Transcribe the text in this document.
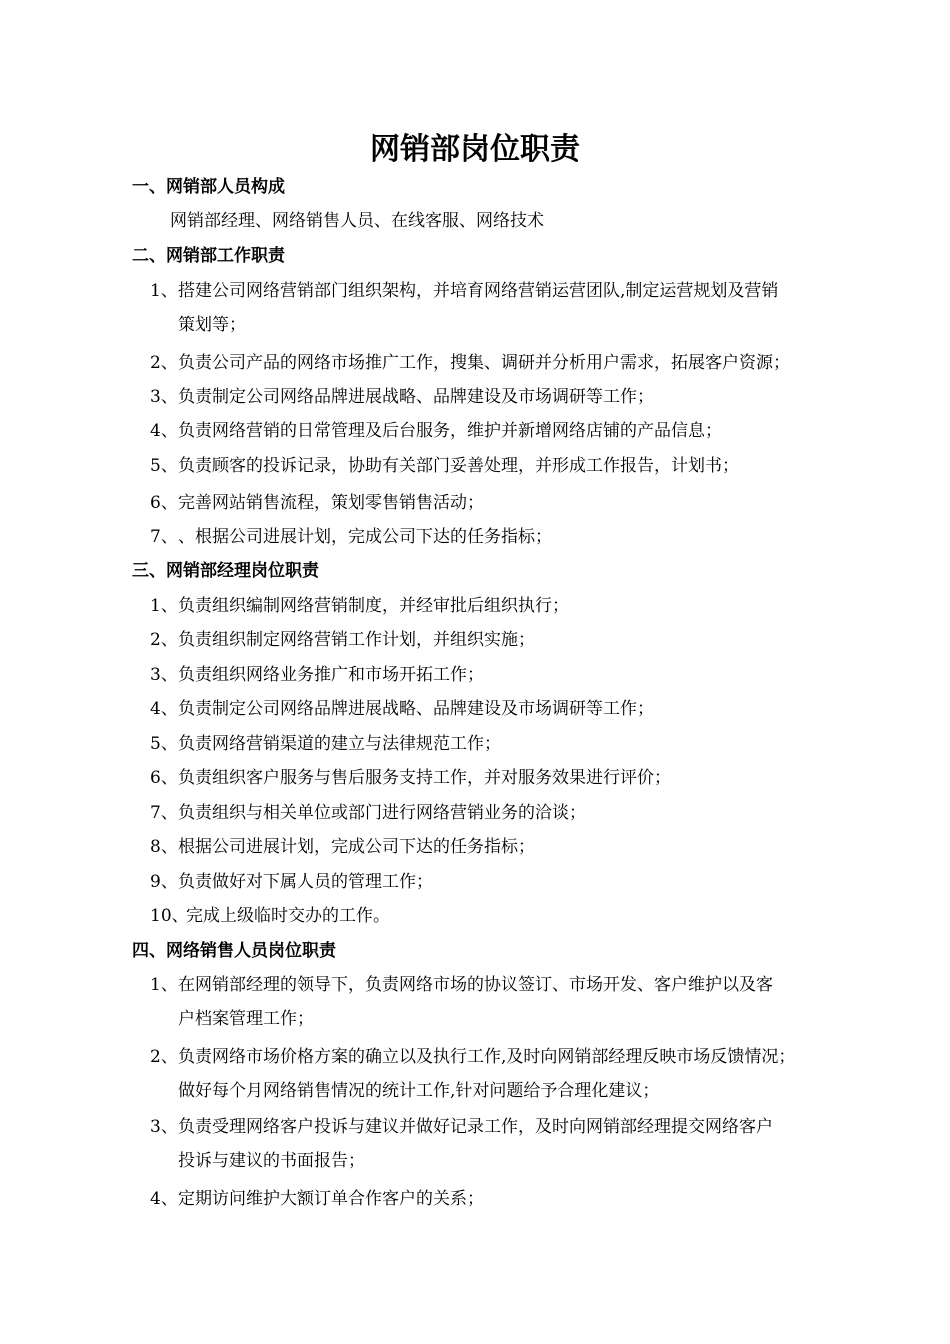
网销部岗位职责
一、网销部人员构成
网销部经理、网络销售人员、在线客服、网络技术
二、网销部工作职责
1、 搭建公司网络营销部门组织架构，并培育网络营销运营团队,制定运营规划及营销
策划等；
2、 负责公司产品的网络市场推广工作，搜集、调研并分析用户需求，拓展客户资源；
3、 负责制定公司网络品牌进展战略、品牌建设及市场调研等工作；
4、 负责网络营销的日常管理及后台服务，维护并新增网络店铺的产品信息；
5、 负责顾客的投诉记录，协助有关部门妥善处理，并形成工作报告，计划书；
6、 完善网站销售流程，策划零售销售活动；
7、 、根据公司进展计划，完成公司下达的任务指标；
三、网销部经理岗位职责
1、 负责组织编制网络营销制度，并经审批后组织执行；
2、 负责组织制定网络营销工作计划，并组织实施；
3、 负责组织网络业务推广和市场开拓工作；
4、 负责制定公司网络品牌进展战略、品牌建设及市场调研等工作；
5、 负责网络营销渠道的建立与法律规范工作；
6、 负责组织客户服务与售后服务支持工作，并对服务效果进行评价；
7、 负责组织与相关单位或部门进行网络营销业务的洽谈；
8、 根据公司进展计划，完成公司下达的任务指标；
9、 负责做好对下属人员的管理工作；
10、
完成上级临时交办的工作。
四、网络销售人员岗位职责
1、 在网销部经理的领导下，负责网络市场的协议签订、市场开发、客户维护以及客
户档案管理工作；
2、 负责网络市场价格方案的确立以及执行工作,及时向网销部经理反映市场反馈情况；
做好每个月网络销售情况的统计工作,针对问题给予合理化建议；
3、 负责受理网络客户投诉与建议并做好记录工作，及时向网销部经理提交网络客户
投诉与建议的书面报告；
4、 定期访问维护大额订单合作客户的关系；
